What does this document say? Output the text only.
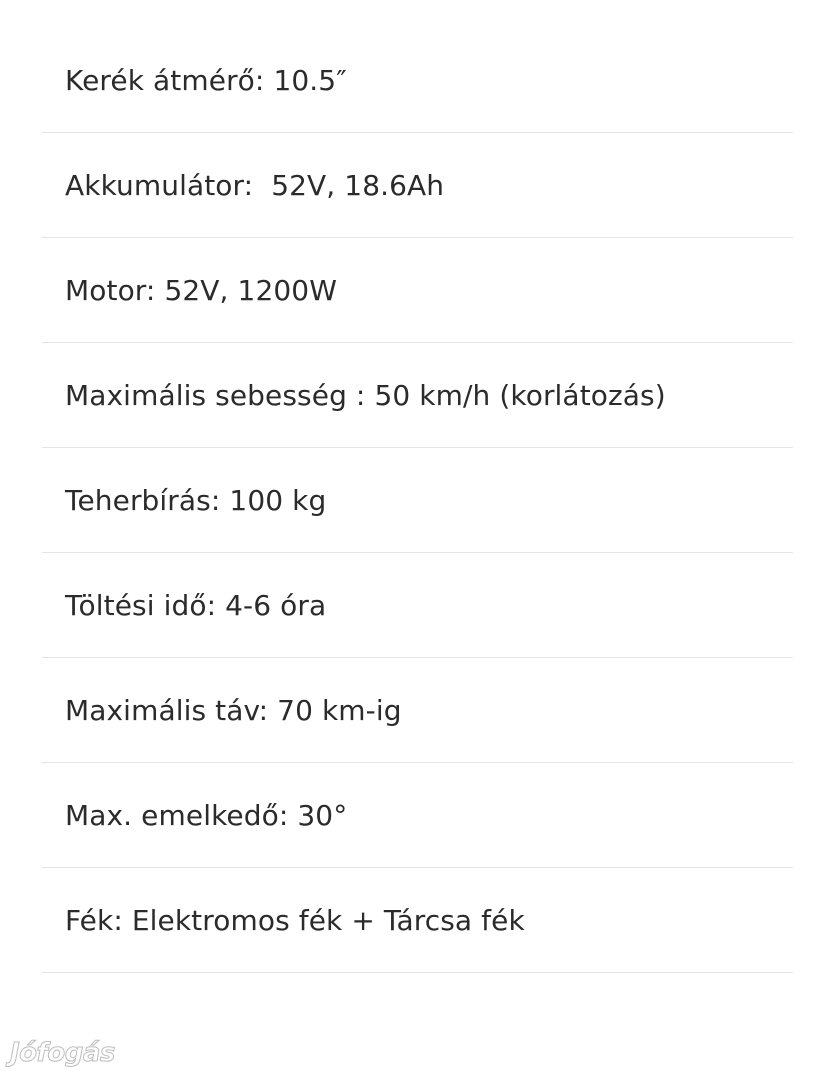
Kerék átmérő: 10.5″
Akkumulátor:  52V, 18.6Ah
Motor: 52V, 1200W
Maximális sebesség : 50 km/h (korlátozás)
Teherbírás: 100 kg
Töltési idő: 4-6 óra
Maximális táv: 70 km-ig
Max. emelkedő: 30°
Fék: Elektromos fék + Tárcsa fék
Jófogás
